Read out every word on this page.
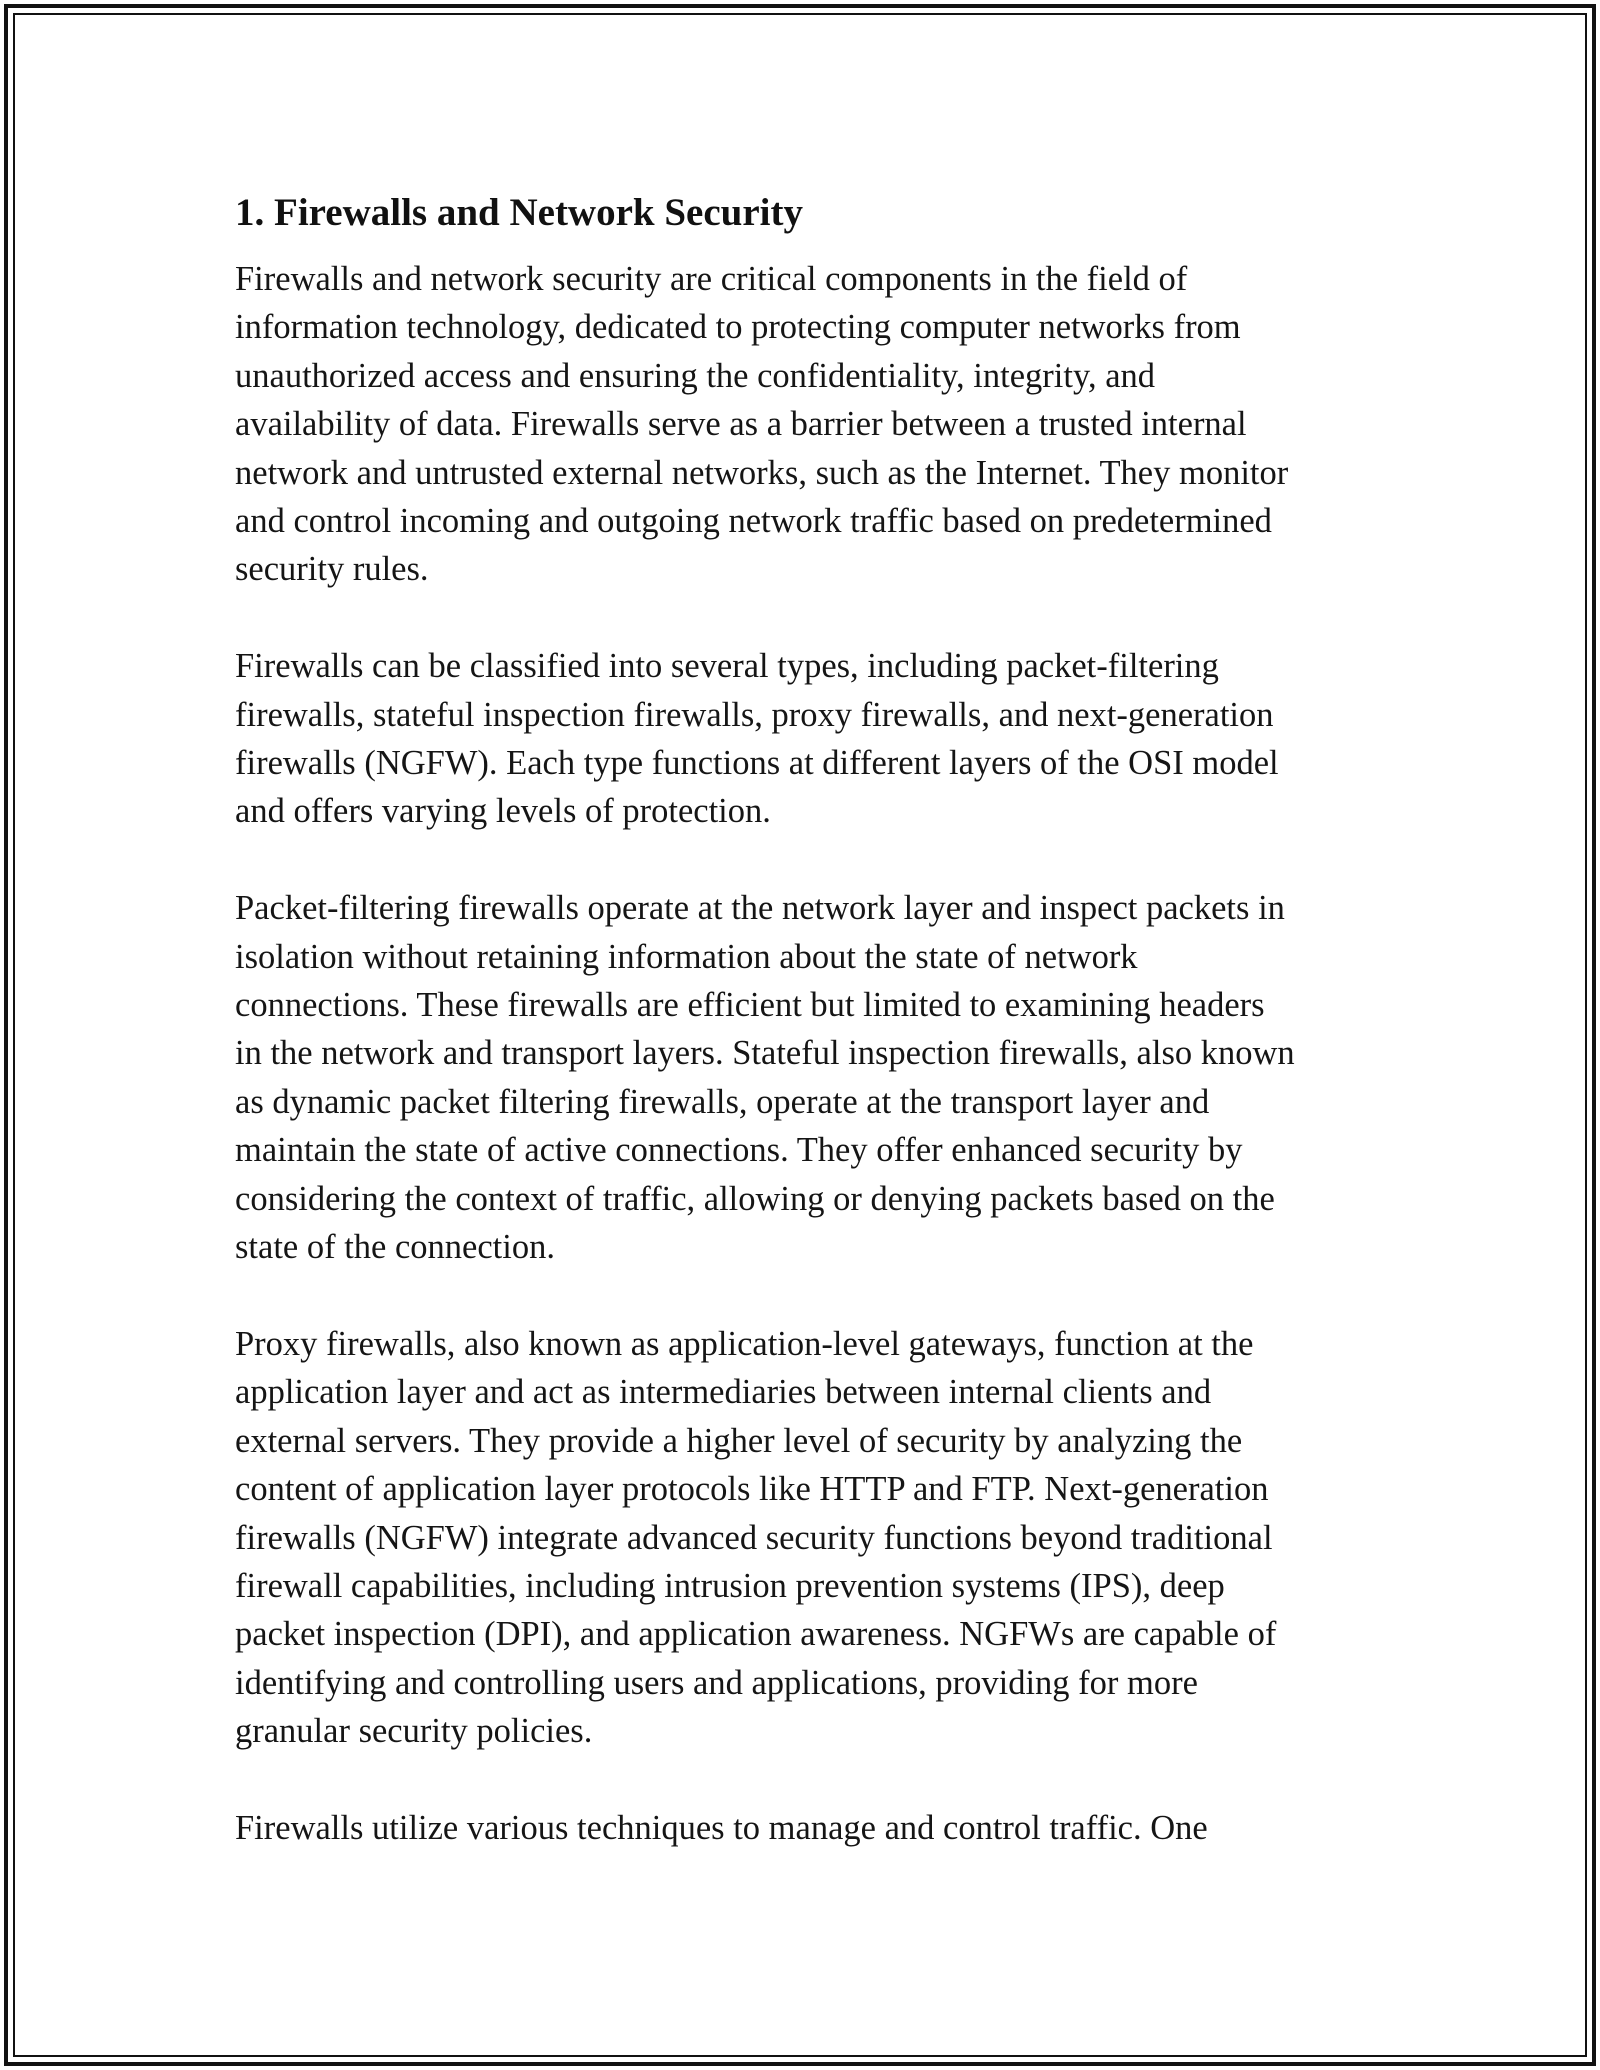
1. Firewalls and Network Security

Firewalls and network security are critical components in the field of
information technology, dedicated to protecting computer networks from
unauthorized access and ensuring the confidentiality, integrity, and
availability of data. Firewalls serve as a barrier between a trusted internal
network and untrusted external networks, such as the Internet. They monitor
and control incoming and outgoing network traffic based on predetermined
security rules.

Firewalls can be classified into several types, including packet-filtering
firewalls, stateful inspection firewalls, proxy firewalls, and next-generation
firewalls (NGFW). Each type functions at different layers of the OSI model
and offers varying levels of protection.

Packet-filtering firewalls operate at the network layer and inspect packets in
isolation without retaining information about the state of network
connections. These firewalls are efficient but limited to examining headers
in the network and transport layers. Stateful inspection firewalls, also known
as dynamic packet filtering firewalls, operate at the transport layer and
maintain the state of active connections. They offer enhanced security by
considering the context of traffic, allowing or denying packets based on the
state of the connection.

Proxy firewalls, also known as application-level gateways, function at the
application layer and act as intermediaries between internal clients and
external servers. They provide a higher level of security by analyzing the
content of application layer protocols like HTTP and FTP. Next-generation
firewalls (NGFW) integrate advanced security functions beyond traditional
firewall capabilities, including intrusion prevention systems (IPS), deep
packet inspection (DPI), and application awareness. NGFWs are capable of
identifying and controlling users and applications, providing for more
granular security policies.

Firewalls utilize various techniques to manage and control traffic. One
